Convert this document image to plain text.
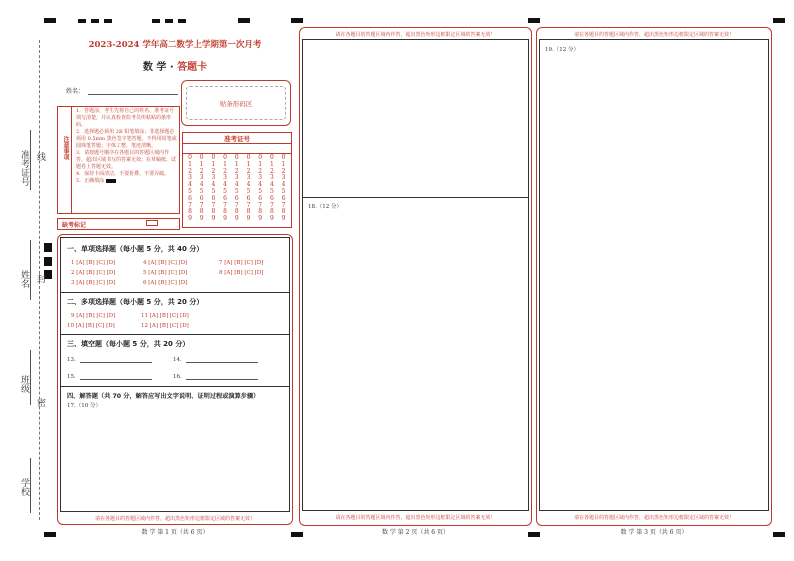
准考证号 线
姓名 封
班级
密
学校
2023-2024 学年高二数学上学期第一次月考
数 学 · 答题卡
姓名：
贴条形码区
注意事项
1．答题前，考生先将自己的姓名、准考证号填写清楚，并认真检查监考员所粘贴的条形码。
2．选择题必须用 2B 铅笔填涂；非选择题必须用 0.5mm 黑色签字笔答题，不得用铅笔或圆珠笔答题；字体工整、笔迹清晰。
3．请按题号顺序在各题目的答题区域内作答，超出区域书写的答案无效；在草稿纸、试题卷上答题无效。
4．保持卡面清洁，不要折叠、不要弄破。
5．正确填涂
准考证号
0
1
2
3
4
5
6
7
8
9
0
1
2
3
4
5
6
7
8
9
0
1
2
3
4
5
6
7
8
9
0
1
2
3
4
5
6
7
8
9
0
1
2
3
4
5
6
7
8
9
0
1
2
3
4
5
6
7
8
9
0
1
2
3
4
5
6
7
8
9
0
1
2
3
4
5
6
7
8
9
0
1
2
3
4
5
6
7
8
9
缺考标记
一、单项选择题（每小题 5 分，共 40 分）
1 [A] [B] [C] [D]
2 [A] [B] [C] [D]
3 [A] [B] [C] [D]
4 [A] [B] [C] [D]
5 [A] [B] [C] [D]
6 [A] [B] [C] [D]
7 [A] [B] [C] [D]
8 [A] [B] [C] [D]
二、多项选择题（每小题 5 分，共 20 分）
9 [A] [B] [C] [D]
10 [A] [B] [C] [D]
11 [A] [B] [C] [D]
12 [A] [B] [C] [D]
三、填空题（每小题 5 分，共 20 分）
13.	14.
15.	16.
四、解答题（共 70 分，解答应写出文字说明、证明过程或演算步骤）
17.（10 分）
请在各题目的答题区域内作答，超出黑色矩形边框限定区域的答案无效！
数 学 第 1 页（共 6 页）
请在各题目的答题区域内作答，超出黑色矩形边框限定区域的答案无效！
18.（12 分）
请在各题目的答题区域内作答，超出黑色矩形边框限定区域的答案无效！
数 学 第 2 页（共 6 页）
请在各题目的答题区域内作答，超出黑色矩形边框限定区域的答案无效！
19.（12 分）
请在各题目的答题区域内作答，超出黑色矩形边框限定区域的答案无效！
数 学 第 3 页（共 6 页）
